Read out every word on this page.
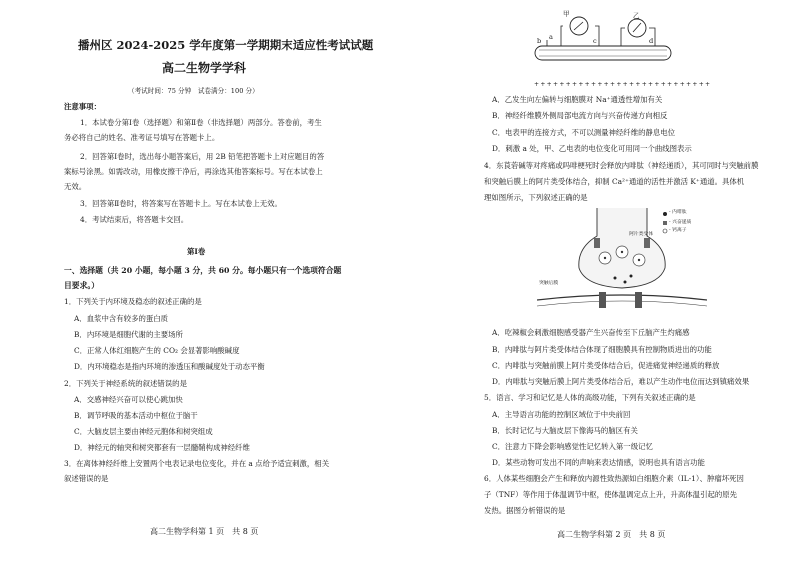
播州区 2024-2025 学年度第一学期期末适应性考试试题
高二生物学学科
（考试时间：75 分钟　试卷满分：100 分）
注意事项：
1．本试卷分第Ⅰ卷（选择题）和第Ⅱ卷（非选择题）两部分。答卷前，考生
务必将自己的姓名、准考证号填写在答题卡上。
2．回答第Ⅰ卷时，选出每小题答案后，用 2B 铅笔把答题卡上对应题目的答
案标号涂黑。如需改动，用橡皮擦干净后，再涂选其他答案标号。写在本试卷上
无效。
3．回答第Ⅱ卷时，将答案写在答题卡上。写在本试卷上无效。
4．考试结束后，将答题卡交回。
第Ⅰ卷
一、选择题（共 20 小题，每小题 3 分，共 60 分。每小题只有一个选项符合题
目要求。）
1．下列关于内环境及稳态的叙述正确的是
A．血浆中含有较多的蛋白质
B．内环境是细胞代谢的主要场所
C．正常人体红细胞产生的 CO₂ 会显著影响酸碱度
D．内环境稳态是指内环境的渗透压和酸碱度处于动态平衡
2．下列关于神经系统的叙述错误的是
A．交感神经兴奋可以使心跳加快
B．调节呼吸的基本活动中枢位于脑干
C．大脑皮层主要由神经元胞体和树突组成
D．神经元的轴突和树突都套有一层髓鞘构成神经纤维
3．在离体神经纤维上安置两个电表记录电位变化，并在 a 点给予适宜刺激，相关
叙述错误的是
高二生物学科第 1 页　共 8 页
甲	乙
b a	c	d
+ + + + + + + + + + + + + + + + + + + + + + + + + + + +
A．乙发生向左偏转与细胞膜对 Na⁺通透性增加有关
B．神经纤维膜外侧局部电流方向与兴奋传递方向相反
C．电表甲的连接方式，不可以测量神经纤维的静息电位
D．刺激 a 处，甲、乙电表的电位变化可用同一个曲线图表示
4．东莨菪碱等对疼痛或吗啡梗死时会释放内啡肽（神经递质），其可同时与突触前膜
和突触后膜上的阿片类受体结合，抑制 Ca²⁺通道的活性并激活 K⁺通道。具体机
理如图所示，下列叙述正确的是
- 内啡肽
- 兴奋递质
- 钙离子
阿片类受体
突触后膜
A．吃辣椒会刺激细胞感受器产生兴奋传至下丘脑产生灼痛感
B．内啡肽与阿片类受体结合体现了细胞膜具有控制物质进出的功能
C．内啡肽与突触前膜上阿片类受体结合后，促进痛觉神经递质的释放
D．内啡肽与突触后膜上阿片类受体结合后，难以产生动作电位而达到镇痛效果
5．语言、学习和记忆是人体的高级功能，下列有关叙述正确的是
A．主导语言功能的控制区域位于中央前回
B．长时记忆与大脑皮层下像海马的脑区有关
C．注意力下降会影响感觉性记忆转入第一级记忆
D．某些动物可发出不同的声响来表达情感，说明也具有语言功能
6．人体某些细胞会产生和释放内源性致热源如白细胞介素（IL-1）、肿瘤坏死因
子（TNF）等作用于体温调节中枢，使体温调定点上升，升高体温引起的原先
发热。据图分析错误的是
高二生物学科第 2 页　共 8 页
